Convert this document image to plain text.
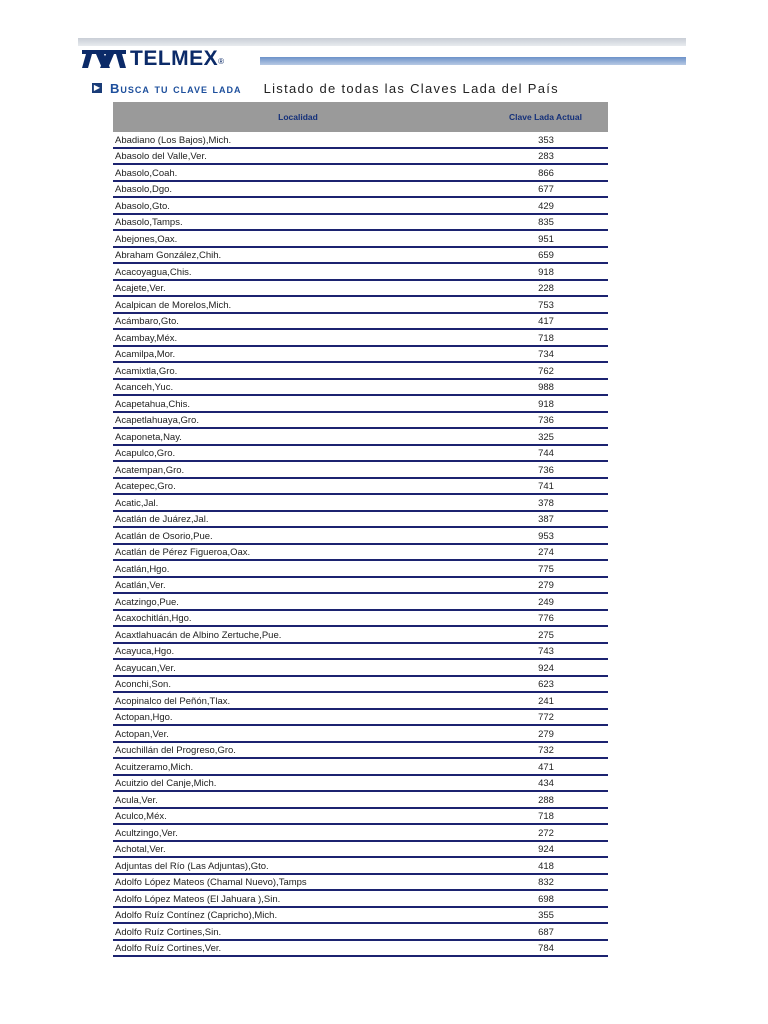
TELMEX ®
▶ Busca tu clave lada Listado de todas las Claves Lada del País
Localidad	Clave Lada Actual
Abadiano (Los Bajos),Mich.	353
Abasolo del Valle,Ver.	283
Abasolo,Coah.	866
Abasolo,Dgo.	677
Abasolo,Gto.	429
Abasolo,Tamps.	835
Abejones,Oax.	951
Abraham González,Chih.	659
Acacoyagua,Chis.	918
Acajete,Ver.	228
Acalpican de Morelos,Mich.	753
Acámbaro,Gto.	417
Acambay,Méx.	718
Acamilpa,Mor.	734
Acamixtla,Gro.	762
Acanceh,Yuc.	988
Acapetahua,Chis.	918
Acapetlahuaya,Gro.	736
Acaponeta,Nay.	325
Acapulco,Gro.	744
Acatempan,Gro.	736
Acatepec,Gro.	741
Acatic,Jal.	378
Acatlán de Juárez,Jal.	387
Acatlán de Osorio,Pue.	953
Acatlán de Pérez Figueroa,Oax.	274
Acatlán,Hgo.	775
Acatlán,Ver.	279
Acatzingo,Pue.	249
Acaxochitlán,Hgo.	776
Acaxtlahuacán de Albino Zertuche,Pue.	275
Acayuca,Hgo.	743
Acayucan,Ver.	924
Aconchi,Son.	623
Acopinalco del Peñón,Tlax.	241
Actopan,Hgo.	772
Actopan,Ver.	279
Acuchillán del Progreso,Gro.	732
Acuitzeramo,Mich.	471
Acuitzio del Canje,Mich.	434
Acula,Ver.	288
Aculco,Méx.	718
Acultzingo,Ver.	272
Achotal,Ver.	924
Adjuntas del Río (Las Adjuntas),Gto.	418
Adolfo López Mateos (Chamal Nuevo),Tamps	832
Adolfo López Mateos (El Jahuara ),Sin.	698
Adolfo Ruíz Contínez (Capricho),Mich.	355
Adolfo Ruíz Cortines,Sin.	687
Adolfo Ruíz Cortines,Ver.	784
